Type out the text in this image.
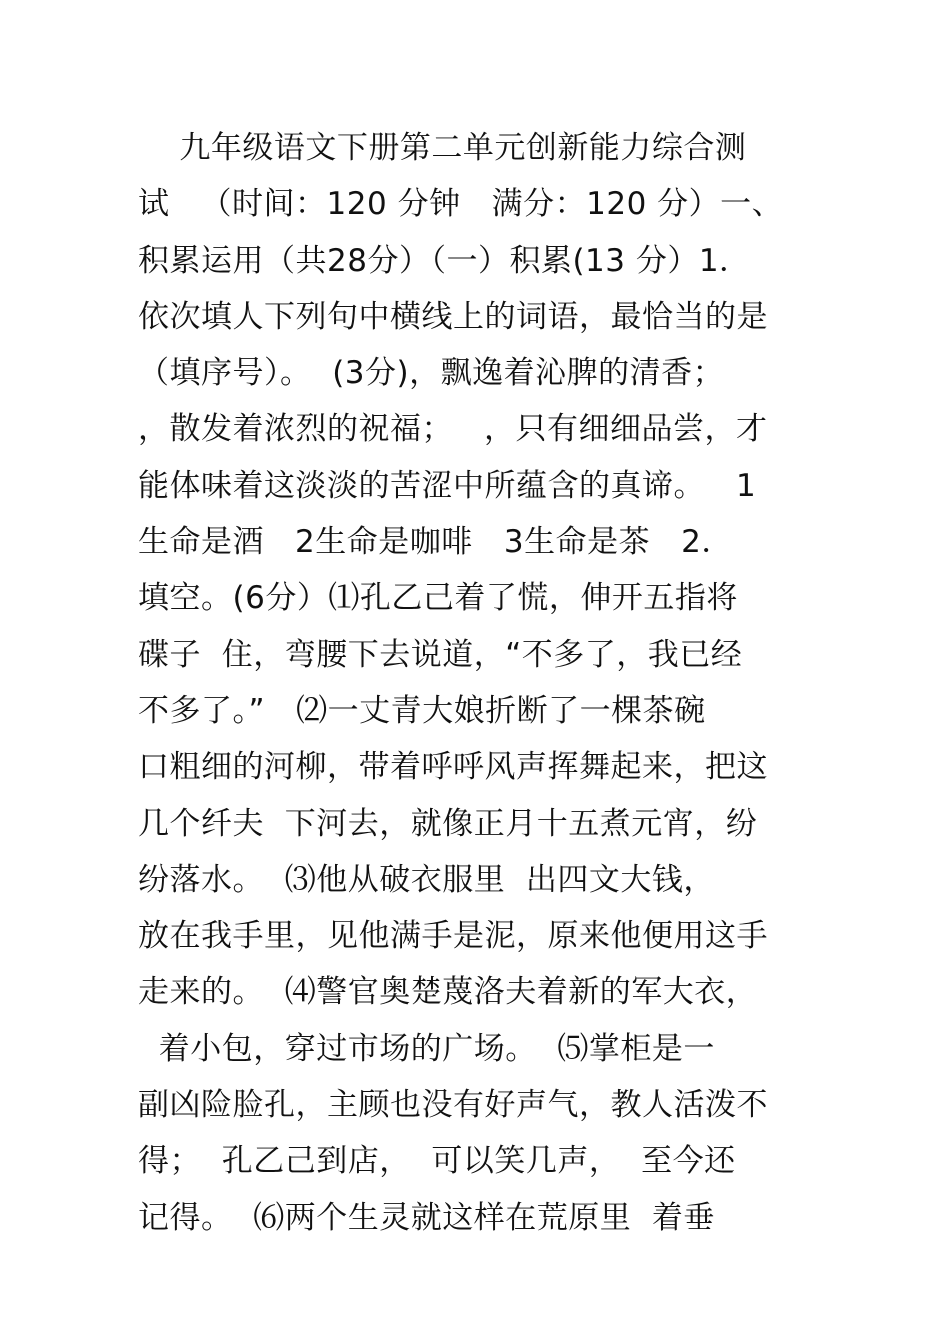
九年级语文下册第二单元创新能力综合测
试   （时间：120 分钟   满分：120 分）一、
积累运用（共28分）（一）积累(13 分）1．
依次填人下列句中横线上的词语，最恰当的是
（填序号）。  (3分)，飘逸着沁脾的清香；
，散发着浓烈的祝福；   ，只有细细品尝，才
能体味着这淡淡的苦涩中所蕴含的真谛。   1
生命是酒   2生命是咖啡   3生命是茶   2．
填空。(6分）⑴孔乙己着了慌，伸开五指将
碟子  住，弯腰下去说道，“不多了，我已经
不多了。”   ⑵一丈青大娘折断了一棵茶碗
口粗细的河柳，带着呼呼风声挥舞起来，把这
几个纤夫  下河去，就像正月十五煮元宵，纷
纷落水。  ⑶他从破衣服里  出四文大钱，
放在我手里，见他满手是泥，原来他便用这手
走来的。  ⑷警官奥楚蔑洛夫着新的军大衣，
着小包，穿过市场的广场。  ⑸掌柜是一
副凶险脸孔，主顾也没有好声气，教人活泼不
得；  孔乙己到店，  可以笑几声，  至今还
记得。  ⑹两个生灵就这样在荒原里  着垂
